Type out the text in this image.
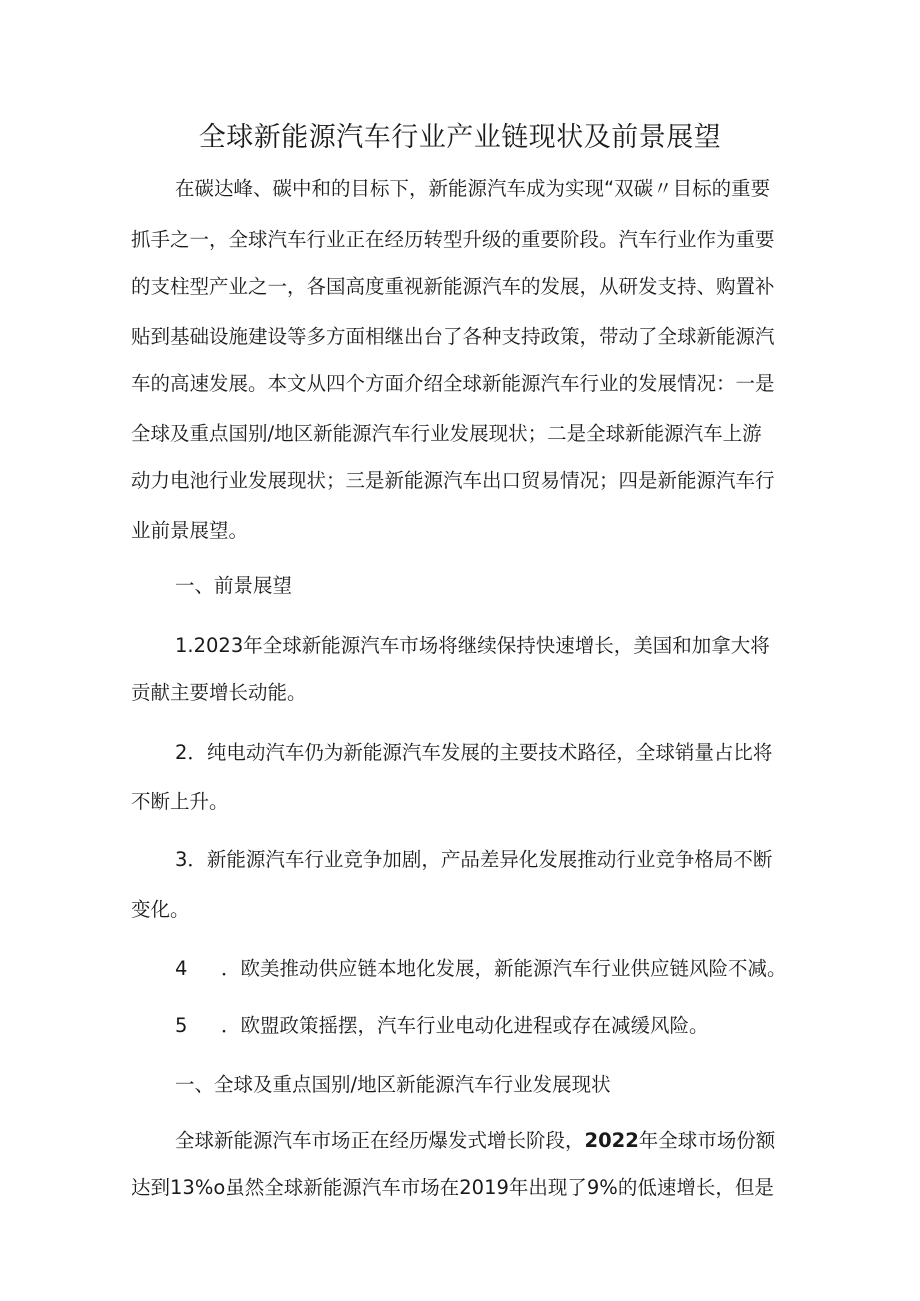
全球新能源汽车行业产业链现状及前景展望
在碳达峰、碳中和的目标下，新能源汽车成为实现“双碳〃目标的重要
抓手之一，全球汽车行业正在经历转型升级的重要阶段。汽车行业作为重要
的支柱型产业之一，各国高度重视新能源汽车的发展，从研发支持、购置补
贴到基础设施建设等多方面相继出台了各种支持政策，带动了全球新能源汽
车的高速发展。本文从四个方面介绍全球新能源汽车行业的发展情况：一是
全球及重点国别/地区新能源汽车行业发展现状；二是全球新能源汽车上游
动力电池行业发展现状；三是新能源汽车出口贸易情况；四是新能源汽车行
业前景展望。
一、前景展望
1.2023年全球新能源汽车市场将继续保持快速增长，美国和加拿大将
贡献主要增长动能。
2．纯电动汽车仍为新能源汽车发展的主要技术路径，全球销量占比将
不断上升。
3．新能源汽车行业竞争加剧，产品差异化发展推动行业竞争格局不断
变化。
4 ．欧美推动供应链本地化发展，新能源汽车行业供应链风险不减。
5 ．欧盟政策摇摆，汽车行业电动化进程或存在减缓风险。
一、全球及重点国别/地区新能源汽车行业发展现状
全球新能源汽车市场正在经历爆发式增长阶段，2022年全球市场份额
达到13%o虽然全球新能源汽车市场在2019年出现了9%的低速增长，但是
